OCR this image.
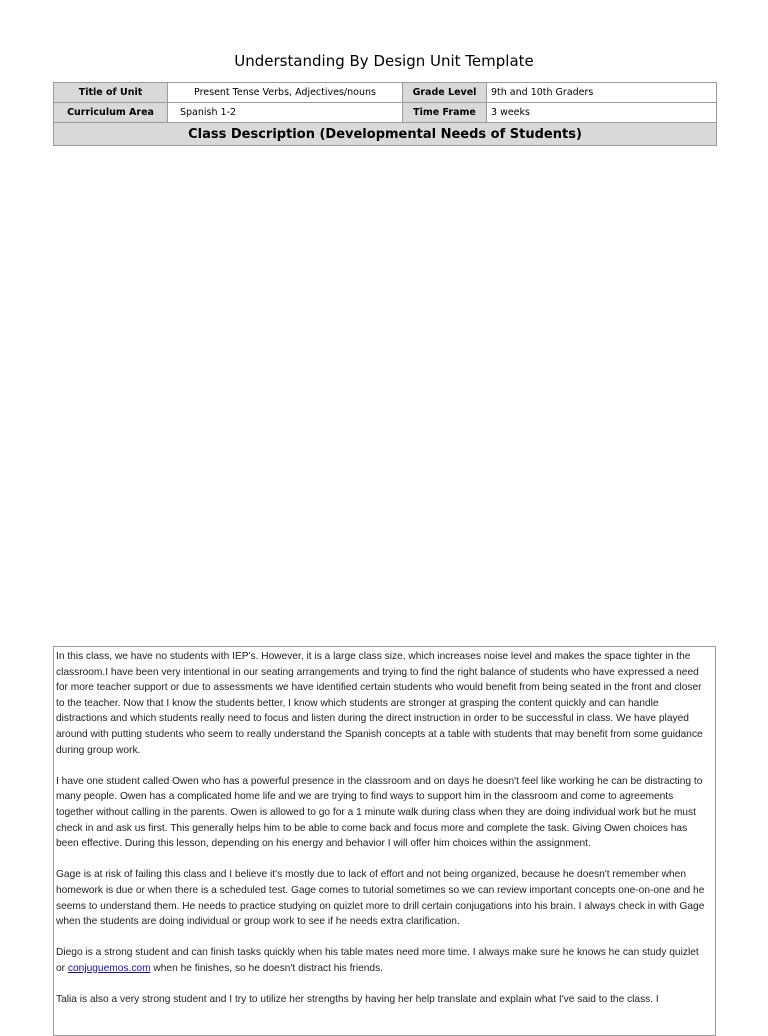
Understanding By Design Unit Template
Title of Unit	Present Tense Verbs, Adjectives/nouns	Grade Level	9th and 10th Graders
Curriculum Area	Spanish 1-2	Time Frame	3 weeks
Class Description (Developmental Needs of Students)			

In this class, we have no students with IEP's. However, it is a large class size, which increases noise level and makes the space tighter in the classroom.I have been very intentional in our seating arrangements and trying to find the right balance of students who have expressed a need for more teacher support or due to assessments we have identified certain students who would benefit from being seated in the front and closer to the teacher. Now that I know the students better, I know which students are stronger at grasping the content quickly and can handle distractions and which students really need to focus and listen during the direct instruction in order to be successful in class. We have played around with putting students who seem to really understand the Spanish concepts at a table with students that may benefit from some guidance during group work.

I have one student called Owen who has a powerful presence in the classroom and on days he doesn't feel like working he can be distracting to many people. Owen has a complicated home life and we are trying to find ways to support him in the classroom and come to agreements together without calling in the parents. Owen is allowed to go for a 1 minute walk during class when they are doing individual work but he must check in and ask us first. This generally helps him to be able to come back and focus more and complete the task. Giving Owen choices has been effective. During this lesson, depending on his energy and behavior I will offer him choices within the assignment.

Gage is at risk of failing this class and I believe it's mostly due to lack of effort and not being organized, because he doesn't remember when homework is due or when there is a scheduled test. Gage comes to tutorial sometimes so we can review important concepts one-on-one and he seems to understand them. He needs to practice studying on quizlet more to drill certain conjugations into his brain. I always check in with Gage when the students are doing individual or group work to see if he needs extra clarification.

Diego is a strong student and can finish tasks quickly when his table mates need more time. I always make sure he knows he can study quizlet or conjuguemos.com when he finishes, so he doesn't distract his friends.

Talia is also a very strong student and I try to utilize her strengths by having her help translate and explain what I've said to the class. I
